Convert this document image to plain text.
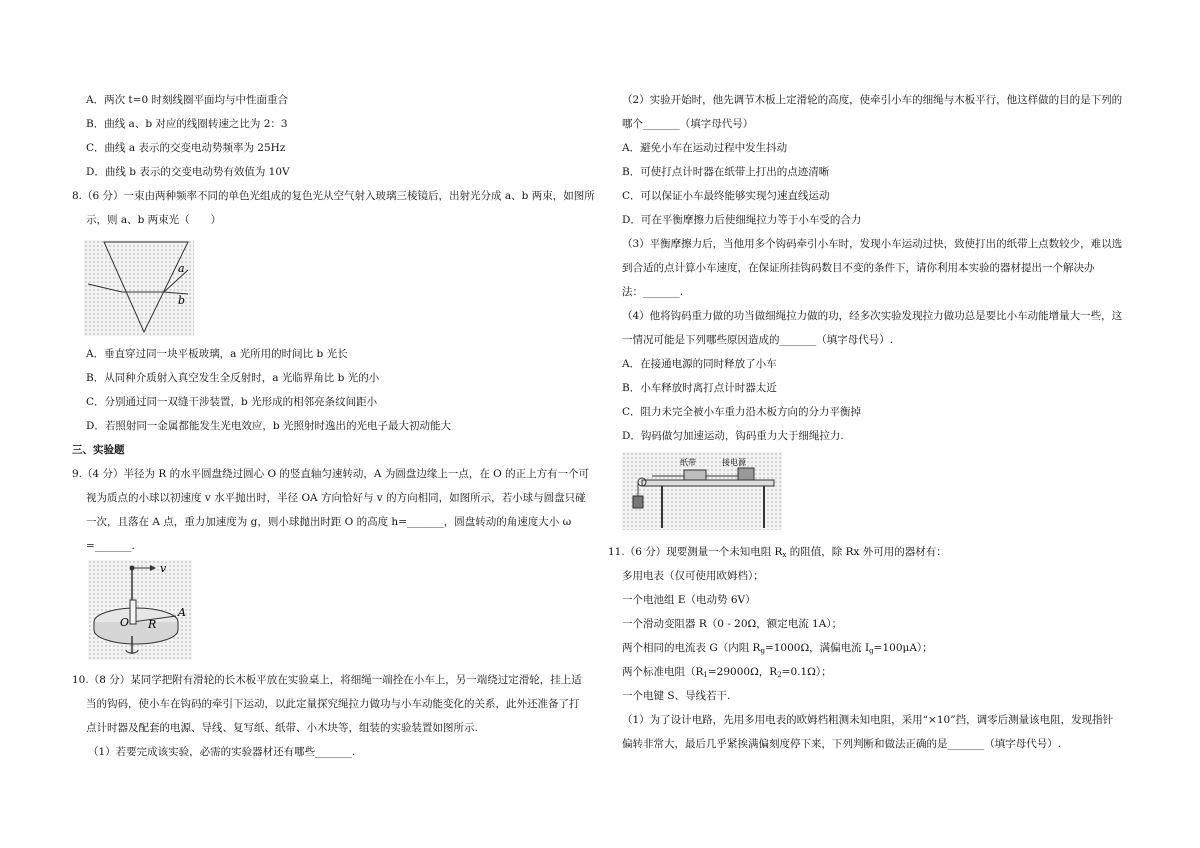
A．两次 t=0 时刻线圈平面均与中性面重合
B．曲线 a、b 对应的线圈转速之比为 2：3
C．曲线 a 表示的交变电动势频率为 25Hz
D．曲线 b 表示的交变电动势有效值为 10V
8.（6 分）一束由两种频率不同的单色光组成的复色光从空气射入玻璃三棱镜后，出射光分成 a、b 两束，如图所
示，则 a、b 两束光（　　）
a
b
A．垂直穿过同一块平板玻璃，a 光所用的时间比 b 光长
B．从同种介质射入真空发生全反射时，a 光临界角比 b 光的小
C．分别通过同一双缝干涉装置，b 光形成的相邻亮条纹间距小
D．若照射同一金属都能发生光电效应，b 光照射时逸出的光电子最大初动能大
三、实验题
9.（4 分）半径为 R 的水平圆盘绕过圆心 O 的竖直轴匀速转动，A 为圆盘边缘上一点，在 O 的正上方有一个可
视为质点的小球以初速度 v 水平抛出时，半径 OA 方向恰好与 v 的方向相同，如图所示，若小球与圆盘只碰
一次，且落在 A 点，重力加速度为 g，则小球抛出时距 O 的高度 h=_______，圆盘转动的角速度大小 ω
=_______.
v
O R
A
10.（8 分）某同学把附有滑轮的长木板平放在实验桌上，将细绳一端拴在小车上，另一端绕过定滑轮，挂上适
当的钩码，使小车在钩码的牵引下运动，以此定量探究绳拉力做功与小车动能变化的关系，此外还准备了打
点计时器及配套的电源、导线、复写纸、纸带、小木块等，组装的实验装置如图所示.
（1）若要完成该实验，必需的实验器材还有哪些_______.
（2）实验开始时，他先调节木板上定滑轮的高度，使牵引小车的细绳与木板平行，他这样做的目的是下列的
哪个_______（填字母代号）
A．避免小车在运动过程中发生抖动
B．可使打点计时器在纸带上打出的点迹清晰
C．可以保证小车最终能够实现匀速直线运动
D．可在平衡摩擦力后使细绳拉力等于小车受的合力
（3）平衡摩擦力后，当他用多个钩码牵引小车时，发现小车运动过快，致使打出的纸带上点数较少，难以选
到合适的点计算小车速度，在保证所挂钩码数目不变的条件下，请你利用本实验的器材提出一个解决办
法：_______.
（4）他将钩码重力做的功当做细绳拉力做的功，经多次实验发现拉力做功总是要比小车动能增量大一些，这
一情况可能是下列哪些原因造成的_______（填字母代号）.
A．在接通电源的同时释放了小车
B．小车释放时离打点计时器太近
C．阻力未完全被小车重力沿木板方向的分力平衡掉
D．钩码做匀加速运动，钩码重力大于细绳拉力.
纸带	接电源
11.（6 分）现要测量一个未知电阻 $R_x$ 的阻值，除 Rx 外可用的器材有：
多用电表（仅可使用欧姆档）；
一个电池组 E（电动势 6V）
一个滑动变阻器 R（0 - 20Ω，额定电流 1A）；
两个相同的电流表 G（内阻 $R_g=1000\Omega$，满偏电流 $I_g=100\mu A$）；
两个标准电阻（$R_1=29000\Omega$，$R_2=0.1\Omega$）；
一个电键 S、导线若干.
（1）为了设计电路，先用多用电表的欧姆档粗测未知电阻，采用“×10”挡，调零后测量该电阻，发现指针
偏转非常大，最后几乎紧挨满偏刻度停下来，下列判断和做法正确的是_______（填字母代号）.
